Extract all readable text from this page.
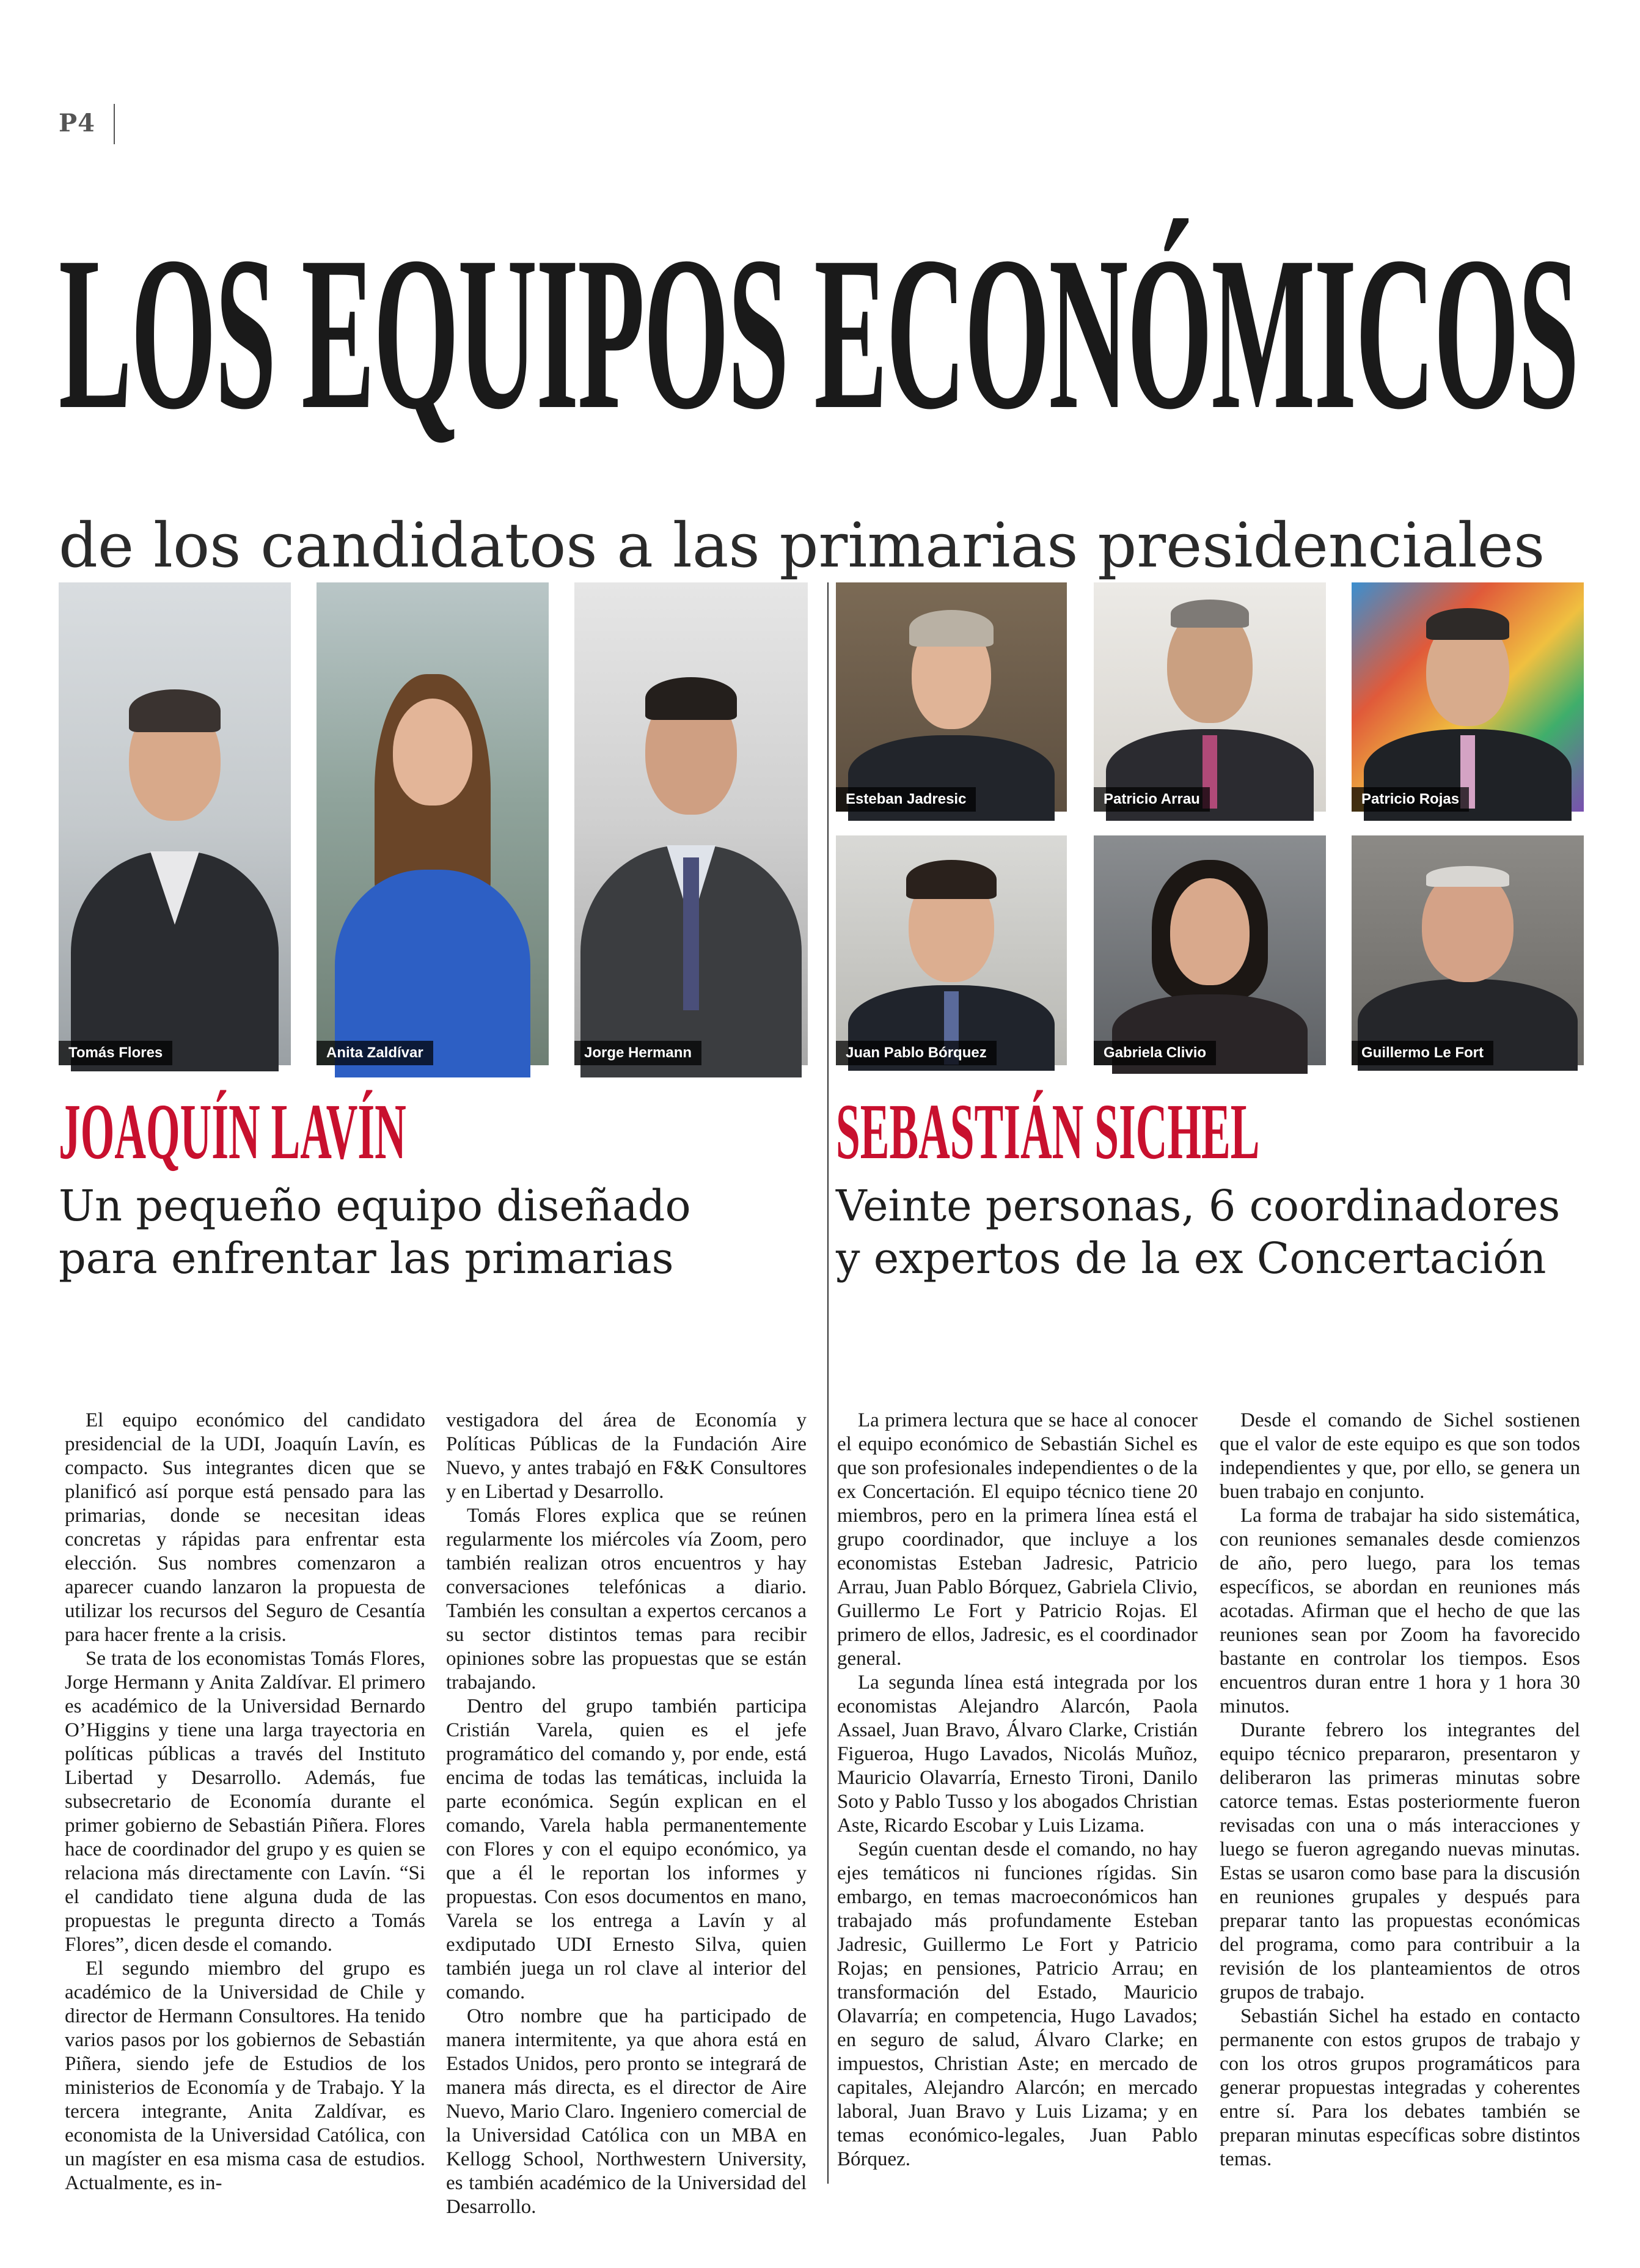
P4
LOS EQUIPOS ECONÓMICOS
de los candidatos a las primarias presidenciales
Tomás Flores	Anita Zaldívar	Jorge Hermann
Esteban Jadresic	Patricio Arrau	Patricio Rojas
Juan Pablo Bórquez	Gabriela Clivio	Guillermo Le Fort
JOAQUÍN LAVÍN
Un pequeño equipo diseñado
para enfrentar las primarias
SEBASTIÁN SICHEL
Veinte personas, 6 coordinadores
y expertos de la ex Concertación

El equipo económico del candidato presidencial de la UDI, Joaquín Lavín, es compacto. Sus integrantes dicen que se planificó así porque está pensado para las primarias, donde se necesitan ideas concretas y rápidas para enfrentar esta elección. Sus nombres comenzaron a aparecer cuando lanzaron la propuesta de utilizar los recursos del Seguro de Cesantía para hacer frente a la crisis.

Se trata de los economistas Tomás Flores, Jorge Hermann y Anita Zaldívar. El primero es académico de la Universidad Bernardo O’Higgins y tiene una larga trayectoria en políticas públicas a través del Instituto Libertad y Desarrollo. Además, fue subsecretario de Economía durante el primer gobierno de Sebastián Piñera. Flores hace de coordinador del grupo y es quien se relaciona más directamente con Lavín. “Si el candidato tiene alguna duda de las propuestas le pregunta directo a Tomás Flores”, dicen desde el comando.

El segundo miembro del grupo es académico de la Universidad de Chile y director de Hermann Consultores. Ha tenido varios pasos por los gobiernos de Sebastián Piñera, siendo jefe de Estudios de los ministerios de Economía y de Trabajo. Y la tercera integrante, Anita Zaldívar, es economista de la Universidad Católica, con un magíster en esa misma casa de estudios. Actualmente, es in-

vestigadora del área de Economía y Políticas Públicas de la Fundación Aire Nuevo, y antes trabajó en F&K Consultores y en Libertad y Desarrollo.

Tomás Flores explica que se reúnen regularmente los miércoles vía Zoom, pero también realizan otros encuentros y hay conversaciones telefónicas a diario. También les consultan a expertos cercanos a su sector distintos temas para recibir opiniones sobre las propuestas que se están trabajando.

Dentro del grupo también participa Cristián Varela, quien es el jefe programático del comando y, por ende, está encima de todas las temáticas, incluida la parte económica. Según explican en el comando, Varela habla permanentemente con Flores y con el equipo económico, ya que a él le reportan los informes y propuestas. Con esos documentos en mano, Varela se los entrega a Lavín y al exdiputado UDI Ernesto Silva, quien también juega un rol clave al interior del comando.

Otro nombre que ha participado de manera intermitente, ya que ahora está en Estados Unidos, pero pronto se integrará de manera más directa, es el director de Aire Nuevo, Mario Claro. Ingeniero comercial de la Universidad Católica con un MBA en Kellogg School, Northwestern University, es también académico de la Universidad del Desarrollo.

La primera lectura que se hace al conocer el equipo económico de Sebastián Sichel es que son profesionales independientes o de la ex Concertación. El equipo técnico tiene 20 miembros, pero en la primera línea está el grupo coordinador, que incluye a los economistas Esteban Jadresic, Patricio Arrau, Juan Pablo Bórquez, Gabriela Clivio, Guillermo Le Fort y Patricio Rojas. El primero de ellos, Jadresic, es el coordinador general.

La segunda línea está integrada por los economistas Alejandro Alarcón, Paola Assael, Juan Bravo, Álvaro Clarke, Cristián Figueroa, Hugo Lavados, Nicolás Muñoz, Mauricio Olavarría, Ernesto Tironi, Danilo Soto y Pablo Tusso y los abogados Christian Aste, Ricardo Escobar y Luis Lizama.

Según cuentan desde el comando, no hay ejes temáticos ni funciones rígidas. Sin embargo, en temas macroeconómicos han trabajado más profundamente Esteban Jadresic, Guillermo Le Fort y Patricio Rojas; en pensiones, Patricio Arrau; en transformación del Estado, Mauricio Olavarría; en competencia, Hugo Lavados; en seguro de salud, Álvaro Clarke; en impuestos, Christian Aste; en mercado de capitales, Alejandro Alarcón; en mercado laboral, Juan Bravo y Luis Lizama; y en temas económico-legales, Juan Pablo Bórquez.

Desde el comando de Sichel sostienen que el valor de este equipo es que son todos independientes y que, por ello, se genera un buen trabajo en conjunto.

La forma de trabajar ha sido sistemática, con reuniones semanales desde comienzos de año, pero luego, para los temas específicos, se abordan en reuniones más acotadas. Afirman que el hecho de que las reuniones sean por Zoom ha favorecido bastante en controlar los tiempos. Esos encuentros duran entre 1 hora y 1 hora 30 minutos.

Durante febrero los integrantes del equipo técnico prepararon, presentaron y deliberaron las primeras minutas sobre catorce temas. Estas posteriormente fueron revisadas con una o más interacciones y luego se fueron agregando nuevas minutas. Estas se usaron como base para la discusión en reuniones grupales y después para preparar tanto las propuestas económicas del programa, como para contribuir a la revisión de los planteamientos de otros grupos de trabajo.

Sebastián Sichel ha estado en contacto permanente con estos grupos de trabajo y con los otros grupos programáticos para generar propuestas integradas y coherentes entre sí. Para los debates también se preparan minutas específicas sobre distintos temas.
